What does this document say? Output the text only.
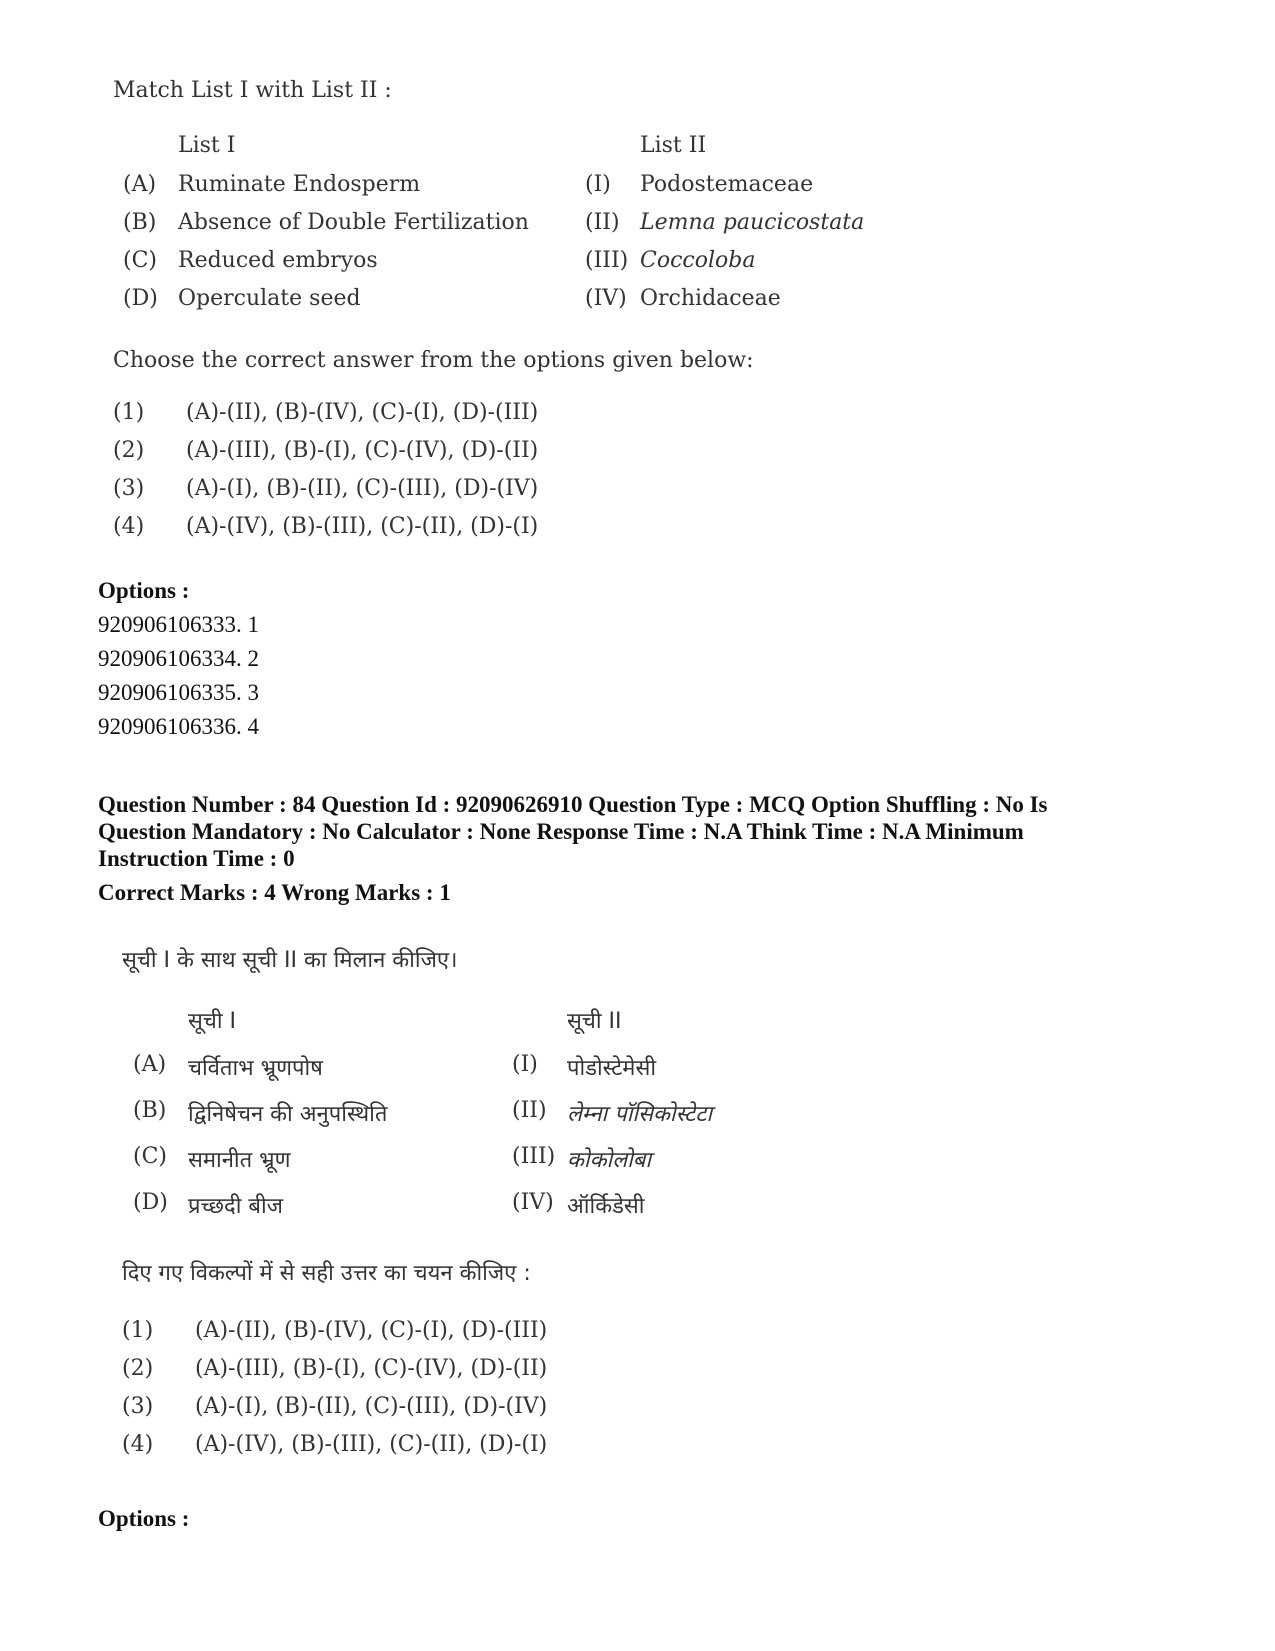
Match List I with List II :
List I	List II
(A) Ruminate Endosperm
(B) Absence of Double Fertilization
(C) Reduced embryos
(D) Operculate seed
(I) Podostemaceae
(II) Lemna paucicostata
(III) Coccoloba
(IV) Orchidaceae
Choose the correct answer from the options given below:
(1) (A)-(II), (B)-(IV), (C)-(I), (D)-(III)
(2) (A)-(III), (B)-(I), (C)-(IV), (D)-(II)
(3) (A)-(I), (B)-(II), (C)-(III), (D)-(IV)
(4) (A)-(IV), (B)-(III), (C)-(II), (D)-(I)
Options :
920906106333. 1
920906106334. 2
920906106335. 3
920906106336. 4
Question Number : 84 Question Id : 92090626910 Question Type : MCQ Option Shuffling : No Is
Question Mandatory : No Calculator : None Response Time : N.A Think Time : N.A Minimum
Instruction Time : 0
Correct Marks : 4 Wrong Marks : 1
सूची I के साथ सूची II का मिलान कीजिए।
सूची I	सूची II
(A) चर्विताभ भ्रूणपोष
(B) द्विनिषेचन की अनुपस्थिति
(C) समानीत भ्रूण
(D) प्रच्छदी बीज
(I) पोडोस्टेमेसी
(II) लेम्ना पॉसिकोस्टेटा
(III) कोकोलोबा
(IV) ऑर्किडेसी
दिए गए विकल्पों में से सही उत्तर का चयन कीजिए :
(1) (A)-(II), (B)-(IV), (C)-(I), (D)-(III)
(2) (A)-(III), (B)-(I), (C)-(IV), (D)-(II)
(3) (A)-(I), (B)-(II), (C)-(III), (D)-(IV)
(4) (A)-(IV), (B)-(III), (C)-(II), (D)-(I)
Options :
